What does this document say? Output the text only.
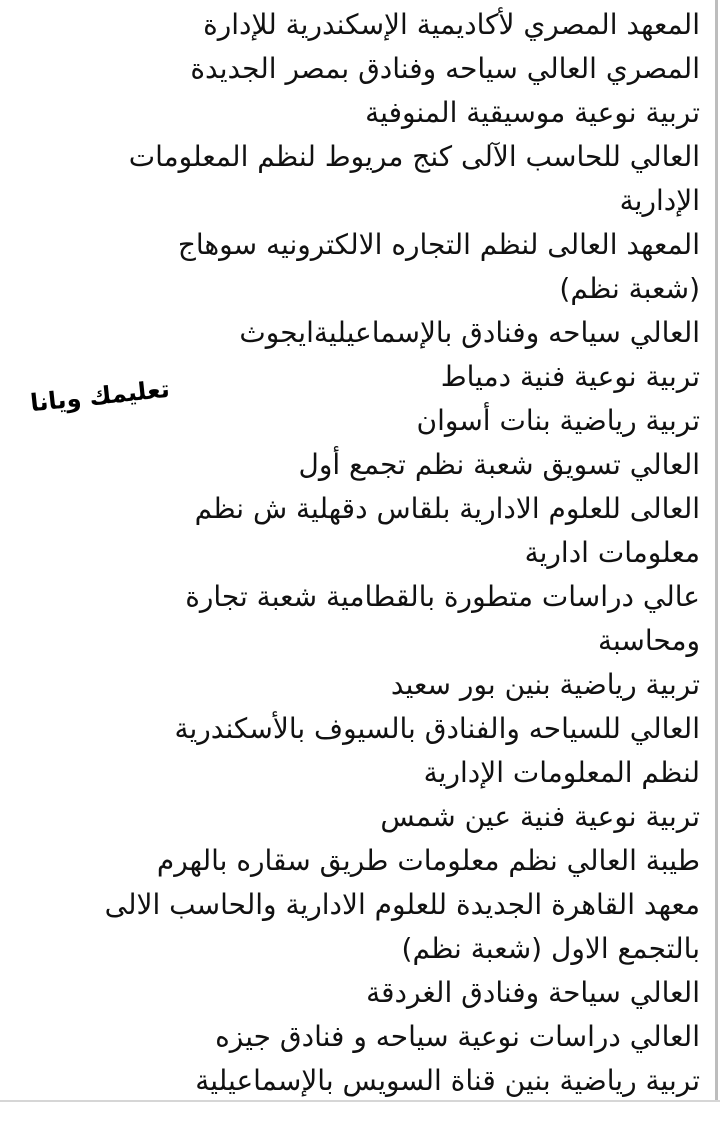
المعهد المصري لأكاديمية الإسكندرية للإدارة
المصري العالي سياحه وفنادق بمصر الجديدة
تربية نوعية موسيقية المنوفية
العالي للحاسب الآلى كنج مريوط لنظم المعلومات
الإدارية
المعهد العالى لنظم التجاره الالكترونيه سوهاج
(شعبة نظم)
العالي سياحه وفنادق بالإسماعيليةايجوث
تربية نوعية فنية دمياط
تربية رياضية بنات أسوان
العالي تسويق شعبة نظم تجمع أول
العالى للعلوم الادارية بلقاس دقهلية ش نظم
معلومات ادارية
عالي دراسات متطورة بالقطامية شعبة تجارة
ومحاسبة
تربية رياضية بنين بور سعيد
العالي للسياحه والفنادق بالسيوف بالأسكندرية
لنظم المعلومات الإدارية
تربية نوعية فنية عين شمس
طيبة العالي نظم معلومات طريق سقاره بالهرم
معهد القاهرة الجديدة للعلوم الادارية والحاسب الالى
بالتجمع الاول (شعبة نظم)
العالي سياحة وفنادق الغردقة
العالي دراسات نوعية سياحه و فنادق جيزه
تربية رياضية بنين قناة السويس بالإسماعيلية
تعليمك ويانا
